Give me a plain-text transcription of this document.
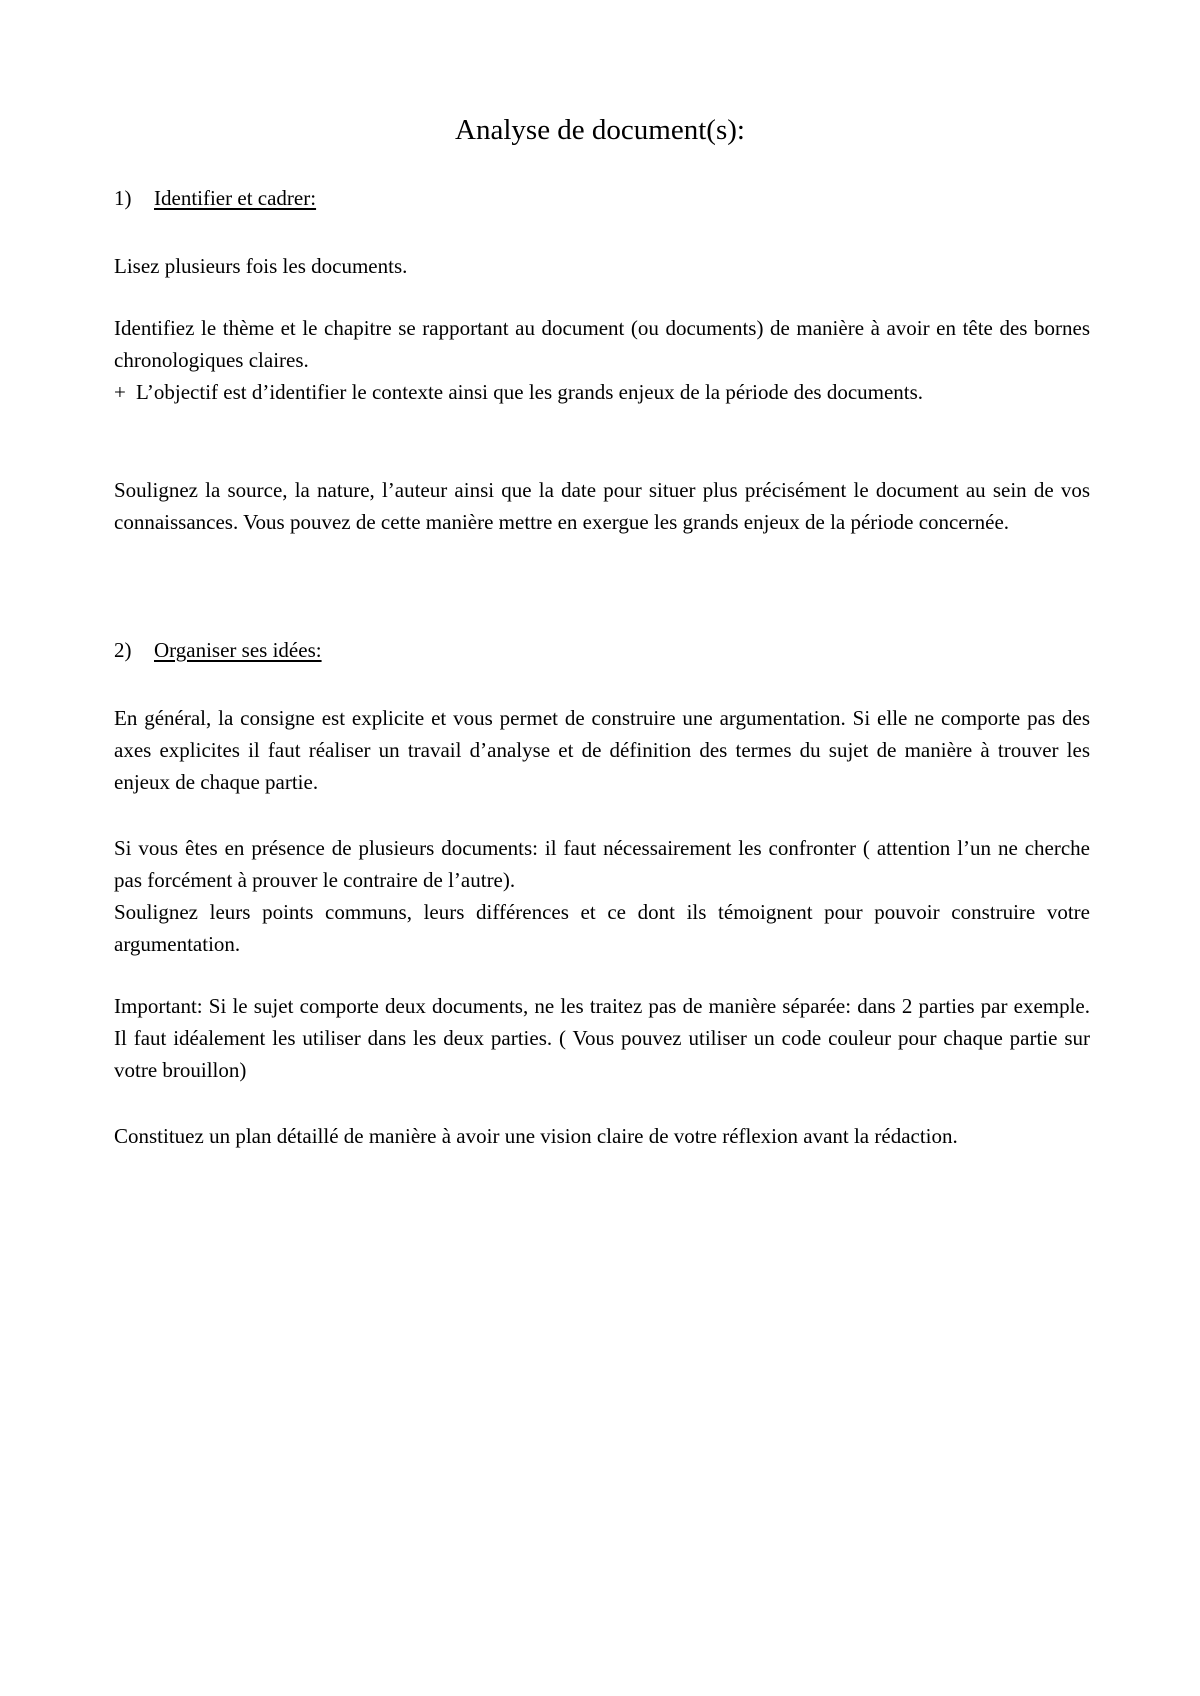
Analyse de document(s):
1) Identifier et cadrer:

Lisez plusieurs fois les documents.

Identifiez le thème et le chapitre se rapportant au document (ou documents) de manière à avoir en tête des bornes chronologiques claires.

+ L’objectif est d’identifier le contexte ainsi que les grands enjeux de la période des documents.

Soulignez la source, la nature, l’auteur ainsi que la date pour situer plus précisément le document au sein de vos connaissances. Vous pouvez de cette manière mettre en exergue les grands enjeux de la période concernée.

2) Organiser ses idées:

En général, la consigne est explicite et vous permet de construire une argumentation. Si elle ne comporte pas des axes explicites il faut réaliser un travail d’analyse et de définition des termes du sujet de manière à trouver les enjeux de chaque partie.

Si vous êtes en présence de plusieurs documents: il faut nécessairement les confronter ( attention l’un ne cherche pas forcément à prouver le contraire de l’autre).

Soulignez leurs points communs, leurs différences et ce dont ils témoignent pour pouvoir construire votre argumentation.

Important: Si le sujet comporte deux documents, ne les traitez pas de manière séparée: dans 2 parties par exemple. Il faut idéalement les utiliser dans les deux parties. ( Vous pouvez utiliser un code couleur pour chaque partie sur votre brouillon)

Constituez un plan détaillé de manière à avoir une vision claire de votre réflexion avant la rédaction.
